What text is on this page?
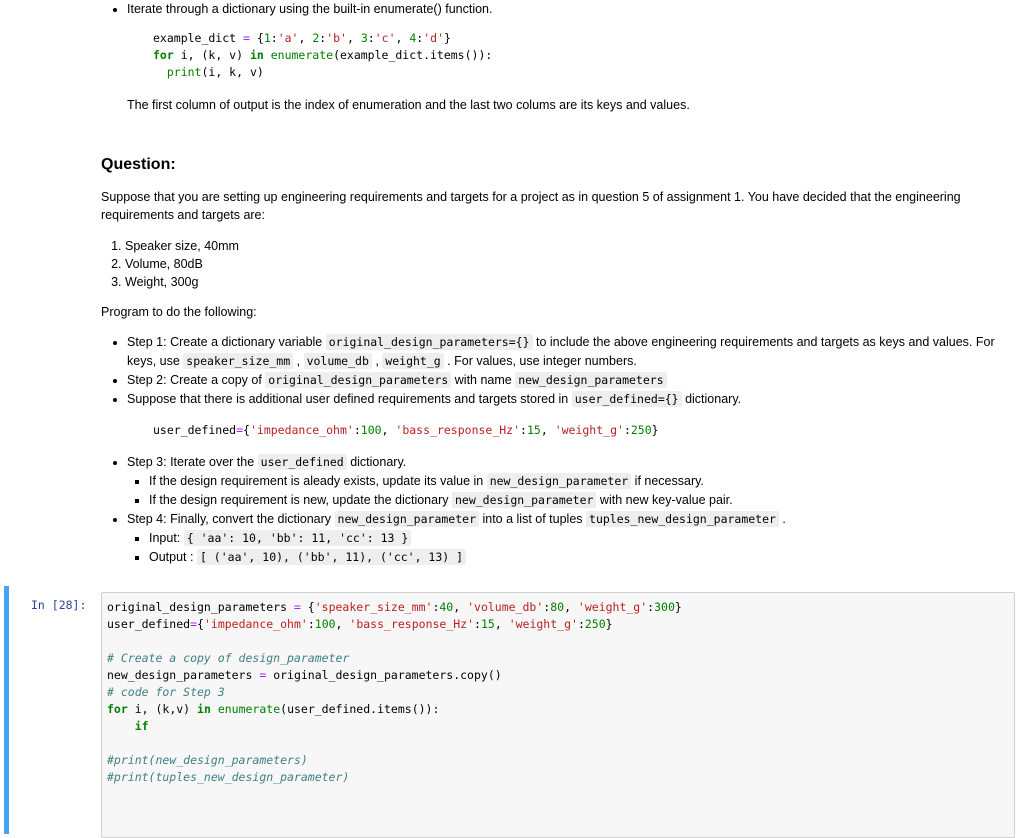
• Iterate through a dictionary using the built-in enumerate() function.
example_dict = {1:'a', 2:'b', 3:'c', 4:'d'}
for i, (k, v) in enumerate(example_dict.items()):
print(i, k, v)
The first column of output is the index of enumeration and the last two colums are its keys and values.
Question:
Suppose that you are setting up engineering requirements and targets for a project as in question 5 of assignment 1. You have decided that the engineering requirements and targets are:
1. Speaker size, 40mm
2. Volume, 80dB
3. Weight, 300g
Program to do the following:
• Step 1: Create a dictionary variable original_design_parameters={} to include the above engineering requirements and targets as keys and values. For keys, use speaker_size_mm , volume_db , weight_g . For values, use integer numbers.
• Step 2: Create a copy of original_design_parameters with name new_design_parameters
• Suppose that there is additional user defined requirements and targets stored in user_defined={} dictionary.
user_defined={'impedance_ohm':100, 'bass_response_Hz':15, 'weight_g':250}
• Step 3: Iterate over the user_defined dictionary.
▪ If the design requirement is aleady exists, update its value in new_design_parameter if necessary.
▪ If the design requirement is new, update the dictionary new_design_parameter with new key-value pair.
• Step 4: Finally, convert the dictionary new_design_parameter into a list of tuples tuples_new_design_parameter .
▪ Input: { 'aa': 10, 'bb': 11, 'cc': 13 }
▪ Output : [ ('aa', 10), ('bb', 11), ('cc', 13) ]
In [28]: original_design_parameters = {'speaker_size_mm':40, 'volume_db':80, 'weight_g':300}
user_defined={'impedance_ohm':100, 'bass_response_Hz':15, 'weight_g':250}

# Create a copy of design_parameter
new_design_parameters = original_design_parameters.copy()
# code for Step 3
for i, (k,v) in enumerate(user_defined.items()):
if

#print(new_design_parameters)
#print(tuples_new_design_parameter)
